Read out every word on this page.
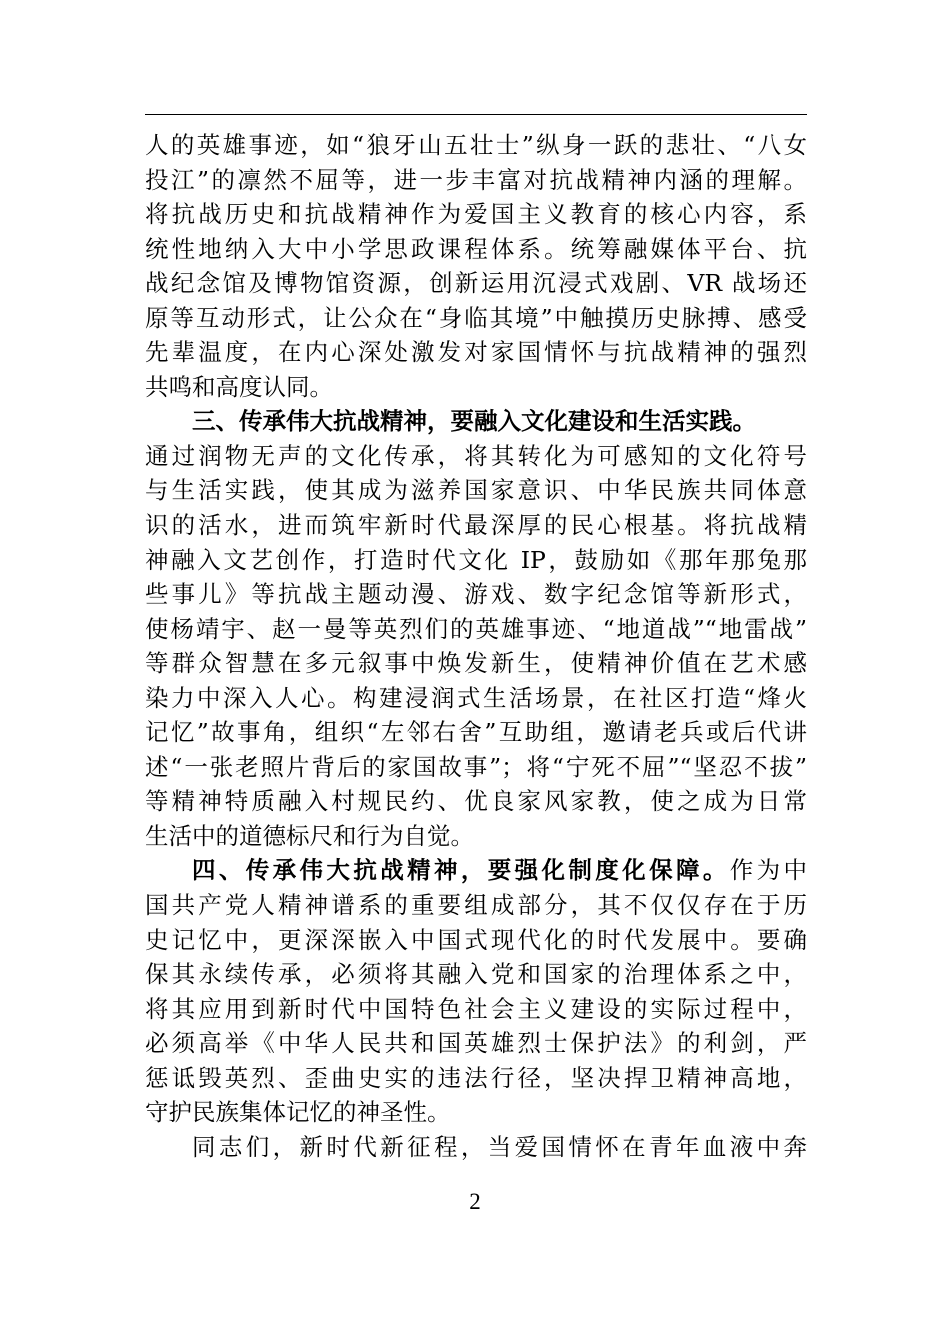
人的英雄事迹，如“狼牙山五壮士”纵身一跃的悲壮、“八女
投江”的凛然不屈等，进一步丰富对抗战精神内涵的理解。
将抗战历史和抗战精神作为爱国主义教育的核心内容，系
统性地纳入大中小学思政课程体系。统筹融媒体平台、抗
战纪念馆及博物馆资源，创新运用沉浸式戏剧、VR 战场还
原等互动形式，让公众在“身临其境”中触摸历史脉搏、感受
先辈温度，在内心深处激发对家国情怀与抗战精神的强烈
共鸣和高度认同。
三、传承伟大抗战精神，要融入文化建设和生活实践。
通过润物无声的文化传承，将其转化为可感知的文化符号
与生活实践，使其成为滋养国家意识、中华民族共同体意
识的活水，进而筑牢新时代最深厚的民心根基。将抗战精
神融入文艺创作，打造时代文化 IP，鼓励如《那年那兔那
些事儿》等抗战主题动漫、游戏、数字纪念馆等新形式，
使杨靖宇、赵一曼等英烈们的英雄事迹、“地道战”“地雷战”
等群众智慧在多元叙事中焕发新生，使精神价值在艺术感
染力中深入人心。构建浸润式生活场景，在社区打造“烽火
记忆”故事角，组织“左邻右舍”互助组，邀请老兵或后代讲
述“一张老照片背后的家国故事”；将“宁死不屈”“坚忍不拔”
等精神特质融入村规民约、优良家风家教，使之成为日常
生活中的道德标尺和行为自觉。
四、传承伟大抗战精神，要强化制度化保障。作为中
国共产党人精神谱系的重要组成部分，其不仅仅存在于历
史记忆中，更深深嵌入中国式现代化的时代发展中。要确
保其永续传承，必须将其融入党和国家的治理体系之中，
将其应用到新时代中国特色社会主义建设的实际过程中，
必须高举《中华人民共和国英雄烈士保护法》的利剑，严
惩诋毁英烈、歪曲史实的违法行径，坚决捍卫精神高地，
守护民族集体记忆的神圣性。
同志们，新时代新征程，当爱国情怀在青年血液中奔
2
